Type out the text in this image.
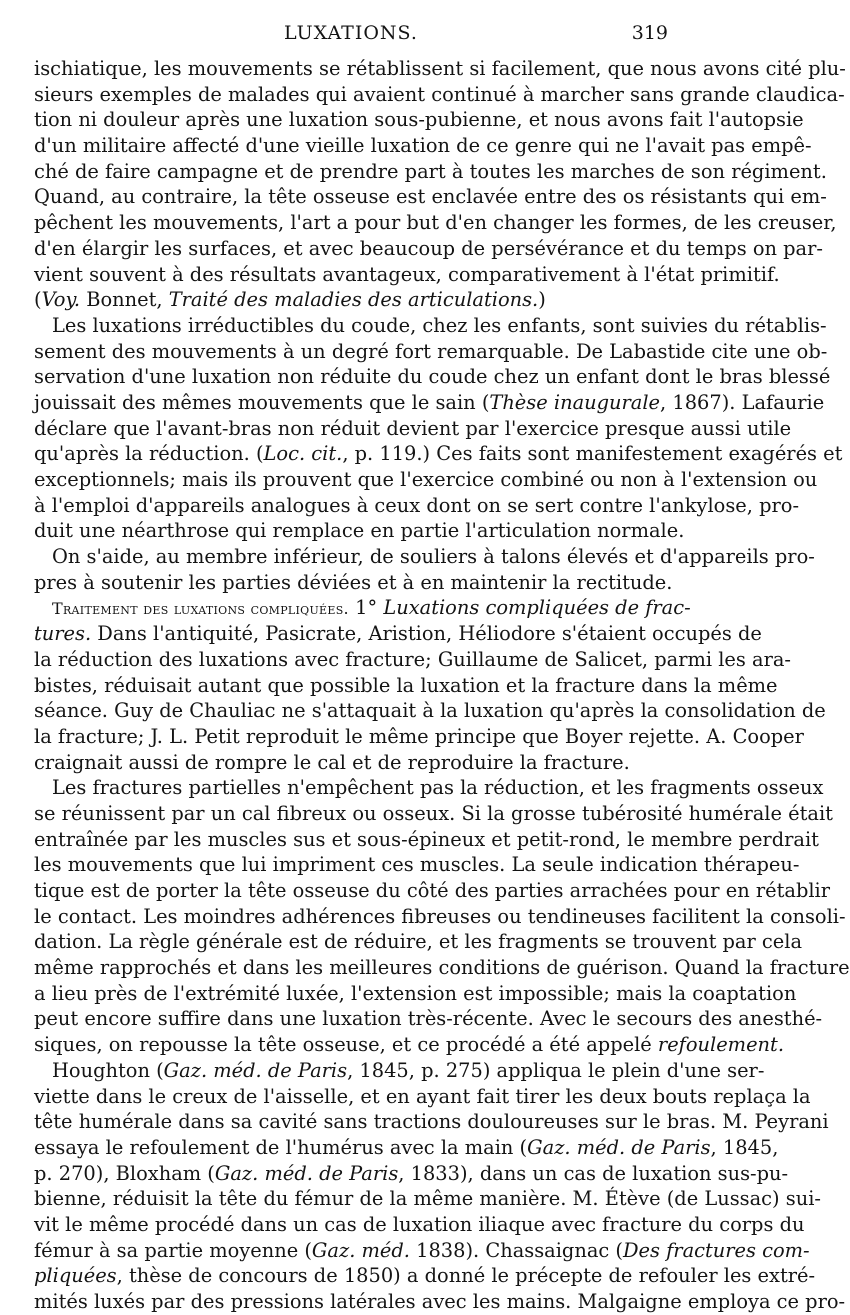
LUXATIONS.	319
ischiatique, les mouvements se rétablissent si facilement, que nous avons cité plu-
sieurs exemples de malades qui avaient continué à marcher sans grande claudica-
tion ni douleur après une luxation sous-pubienne, et nous avons fait l'autopsie
d'un militaire affecté d'une vieille luxation de ce genre qui ne l'avait pas empê-
ché de faire campagne et de prendre part à toutes les marches de son régiment.
Quand, au contraire, la tête osseuse est enclavée entre des os résistants qui em-
pêchent les mouvements, l'art a pour but d'en changer les formes, de les creuser,
d'en élargir les surfaces, et avec beaucoup de persévérance et du temps on par-
vient souvent à des résultats avantageux, comparativement à l'état primitif.
(Voy. Bonnet, Traité des maladies des articulations.)
Les luxations irréductibles du coude, chez les enfants, sont suivies du rétablis-
sement des mouvements à un degré fort remarquable. De Labastide cite une ob-
servation d'une luxation non réduite du coude chez un enfant dont le bras blessé
jouissait des mêmes mouvements que le sain (Thèse inaugurale, 1867). Lafaurie
déclare que l'avant-bras non réduit devient par l'exercice presque aussi utile
qu'après la réduction. (Loc. cit., p. 119.) Ces faits sont manifestement exagérés et
exceptionnels; mais ils prouvent que l'exercice combiné ou non à l'extension ou
à l'emploi d'appareils analogues à ceux dont on se sert contre l'ankylose, pro-
duit une néarthrose qui remplace en partie l'articulation normale.
On s'aide, au membre inférieur, de souliers à talons élevés et d'appareils pro-
pres à soutenir les parties déviées et à en maintenir la rectitude.
Traitement des luxations compliquées. 1° Luxations compliquées de frac-
tures. Dans l'antiquité, Pasicrate, Aristion, Héliodore s'étaient occupés de
la réduction des luxations avec fracture; Guillaume de Salicet, parmi les ara-
bistes, réduisait autant que possible la luxation et la fracture dans la même
séance. Guy de Chauliac ne s'attaquait à la luxation qu'après la consolidation de
la fracture; J. L. Petit reproduit le même principe que Boyer rejette. A. Cooper
craignait aussi de rompre le cal et de reproduire la fracture.
Les fractures partielles n'empêchent pas la réduction, et les fragments osseux
se réunissent par un cal fibreux ou osseux. Si la grosse tubérosité humérale était
entraînée par les muscles sus et sous-épineux et petit-rond, le membre perdrait
les mouvements que lui impriment ces muscles. La seule indication thérapeu-
tique est de porter la tête osseuse du côté des parties arrachées pour en rétablir
le contact. Les moindres adhérences fibreuses ou tendineuses facilitent la consoli-
dation. La règle générale est de réduire, et les fragments se trouvent par cela
même rapprochés et dans les meilleures conditions de guérison. Quand la fracture
a lieu près de l'extrémité luxée, l'extension est impossible; mais la coaptation
peut encore suffire dans une luxation très-récente. Avec le secours des anesthé-
siques, on repousse la tête osseuse, et ce procédé a été appelé refoulement.
Houghton (Gaz. méd. de Paris, 1845, p. 275) appliqua le plein d'une ser-
viette dans le creux de l'aisselle, et en ayant fait tirer les deux bouts replaça la
tête humérale dans sa cavité sans tractions douloureuses sur le bras. M. Peyrani
essaya le refoulement de l'humérus avec la main (Gaz. méd. de Paris, 1845,
p. 270), Bloxham (Gaz. méd. de Paris, 1833), dans un cas de luxation sus-pu-
bienne, réduisit la tête du fémur de la même manière. M. Étève (de Lussac) sui-
vit le même procédé dans un cas de luxation iliaque avec fracture du corps du
fémur à sa partie moyenne (Gaz. méd. 1838). Chassaignac (Des fractures com-
pliquées, thèse de concours de 1850) a donné le précepte de refouler les extré-
mités luxés par des pressions latérales avec les mains. Malgaigne employa ce pro-
